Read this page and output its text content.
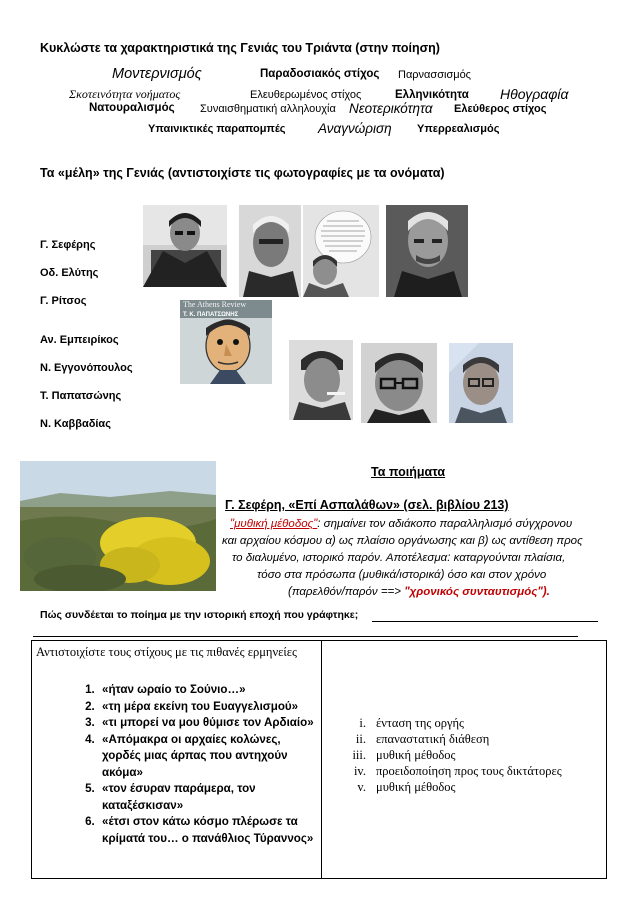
Κυκλώστε τα χαρακτηριστικά της Γενιάς του Τριάντα (στην ποίηση)
Μοντερνισμός	Παραδοσιακός στίχος Παρνασσισμός
Σκοτεινότητα νοήματος	Ελευθερωμένος στίχος	Ελληνικότητα Ηθογραφία
Νατουραλισμός Συναισθηματική αλληλουχία Νεοτερικότητα Ελεύθερος στίχος
Υπαινικτικές παραπομπές Αναγνώριση Υπερρεαλισμός
Τα «μέλη» της Γενιάς (αντιστοιχίστε τις φωτογραφίες με τα ονόματα)
Γ. Σεφέρης
Οδ. Ελύτης
Γ. Ρίτσος
Αν. Εμπειρίκος
Ν. Εγγονόπουλος
Τ. Παπατσώνης
Ν. Καββαδίας
The Athens Review
Τ. Κ. ΠΑΠΑΤΣΩΝΗΣ
Τα ποιήματα
Γ. Σεφέρη, «Επί Ασπαλάθων» (σελ. βιβλίου 213)
"μυθική μέθοδος": σημαίνει τον αδιάκοπο παραλληλισμό σύγχρονου
και αρχαίου κόσμου α) ως πλαίσιο οργάνωσης και β) ως αντίθεση προς
το διαλυμένο, ιστορικό παρόν. Αποτέλεσμα: καταργούνται πλαίσια,
τόσο στα πρόσωπα (μυθικά/ιστορικά) όσο και στον χρόνο
(παρελθόν/παρόν ==> "χρονικός συνταυτισμός").
Πώς συνδέεται το ποίημα με την ιστορική εποχή που γράφτηκε;
Αντιστοιχίστε τους στίχους με τις πιθανές ερμηνείες
1. «ήταν ωραίο το Σούνιο…»
2. «τη μέρα εκείνη του Ευαγγελισμού»
3. «τι μπορεί να μου θύμισε τον Αρδιαίο»
4. «Απόμακρα οι αρχαίες κολώνες, χορδές μιας άρπας που αντηχούν ακόμα»
5. «τον έσυραν παράμερα, τον καταξέσκισαν»
6. «έτσι στον κάτω κόσμο πλέρωσε τα κρίματά του… ο πανάθλιος Τύραννος»

i. ένταση της οργής
ii. επαναστατική διάθεση
iii. μυθική μέθοδος
iv. προειδοποίηση προς τους δικτάτορες
v. μυθική μέθοδος
